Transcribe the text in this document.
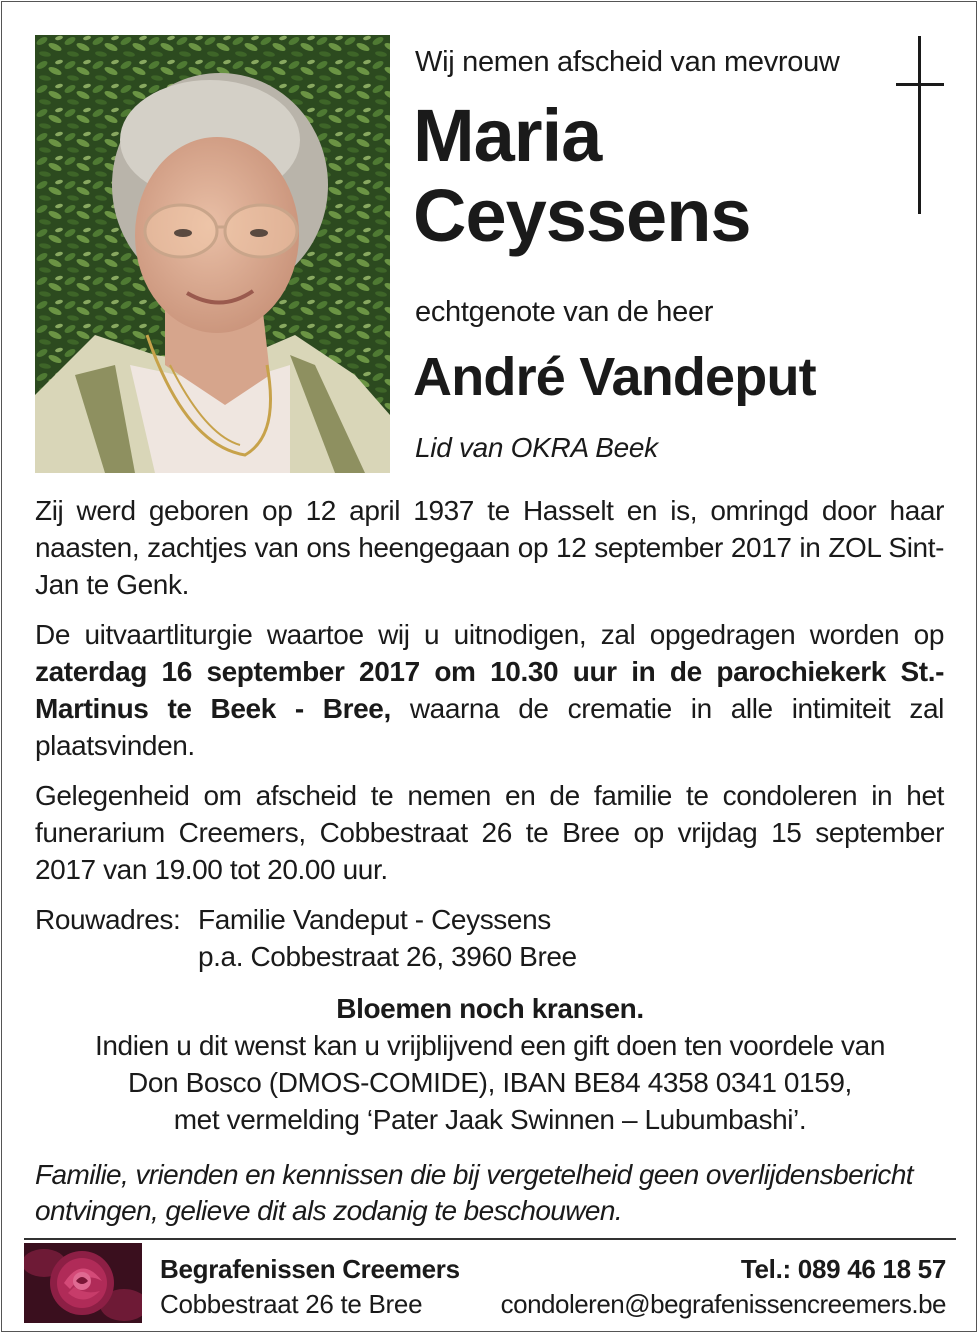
Wij nemen afscheid van mevrouw
Maria
Ceyssens
echtgenote van de heer
André Vandeput
Lid van OKRA Beek

Zij werd geboren op 12 april 1937 te Hasselt en is, omringd door haar naasten, zachtjes van ons heengegaan op 12 september 2017 in ZOL Sint-Jan te Genk.

De uitvaartliturgie waartoe wij u uitnodigen, zal opgedragen worden op zaterdag 16 september 2017 om 10.30 uur in de parochiekerk St.-Martinus te Beek - Bree, waarna de crematie in alle intimiteit zal plaatsvinden.

Gelegenheid om afscheid te nemen en de familie te condoleren in het funerarium Creemers, Cobbestraat 26 te Bree op vrijdag 15 september 2017 van 19.00 tot 20.00 uur.

Rouwadres: Familie Vandeput - Ceyssens
p.a. Cobbestraat 26, 3960 Bree
Bloemen noch kransen.
Indien u dit wenst kan u vrijblijvend een gift doen ten voordele van
Don Bosco (DMOS-COMIDE), IBAN BE84 4358 0341 0159,
met vermelding ‘Pater Jaak Swinnen – Lubumbashi’.
Familie, vrienden en kennissen die bij vergetelheid geen overlijdensbericht ontvingen, gelieve dit als zodanig te beschouwen.
Begrafenissen Creemers
Cobbestraat 26 te Bree
Tel.: 089 46 18 57
condoleren@begrafenissencreemers.be
